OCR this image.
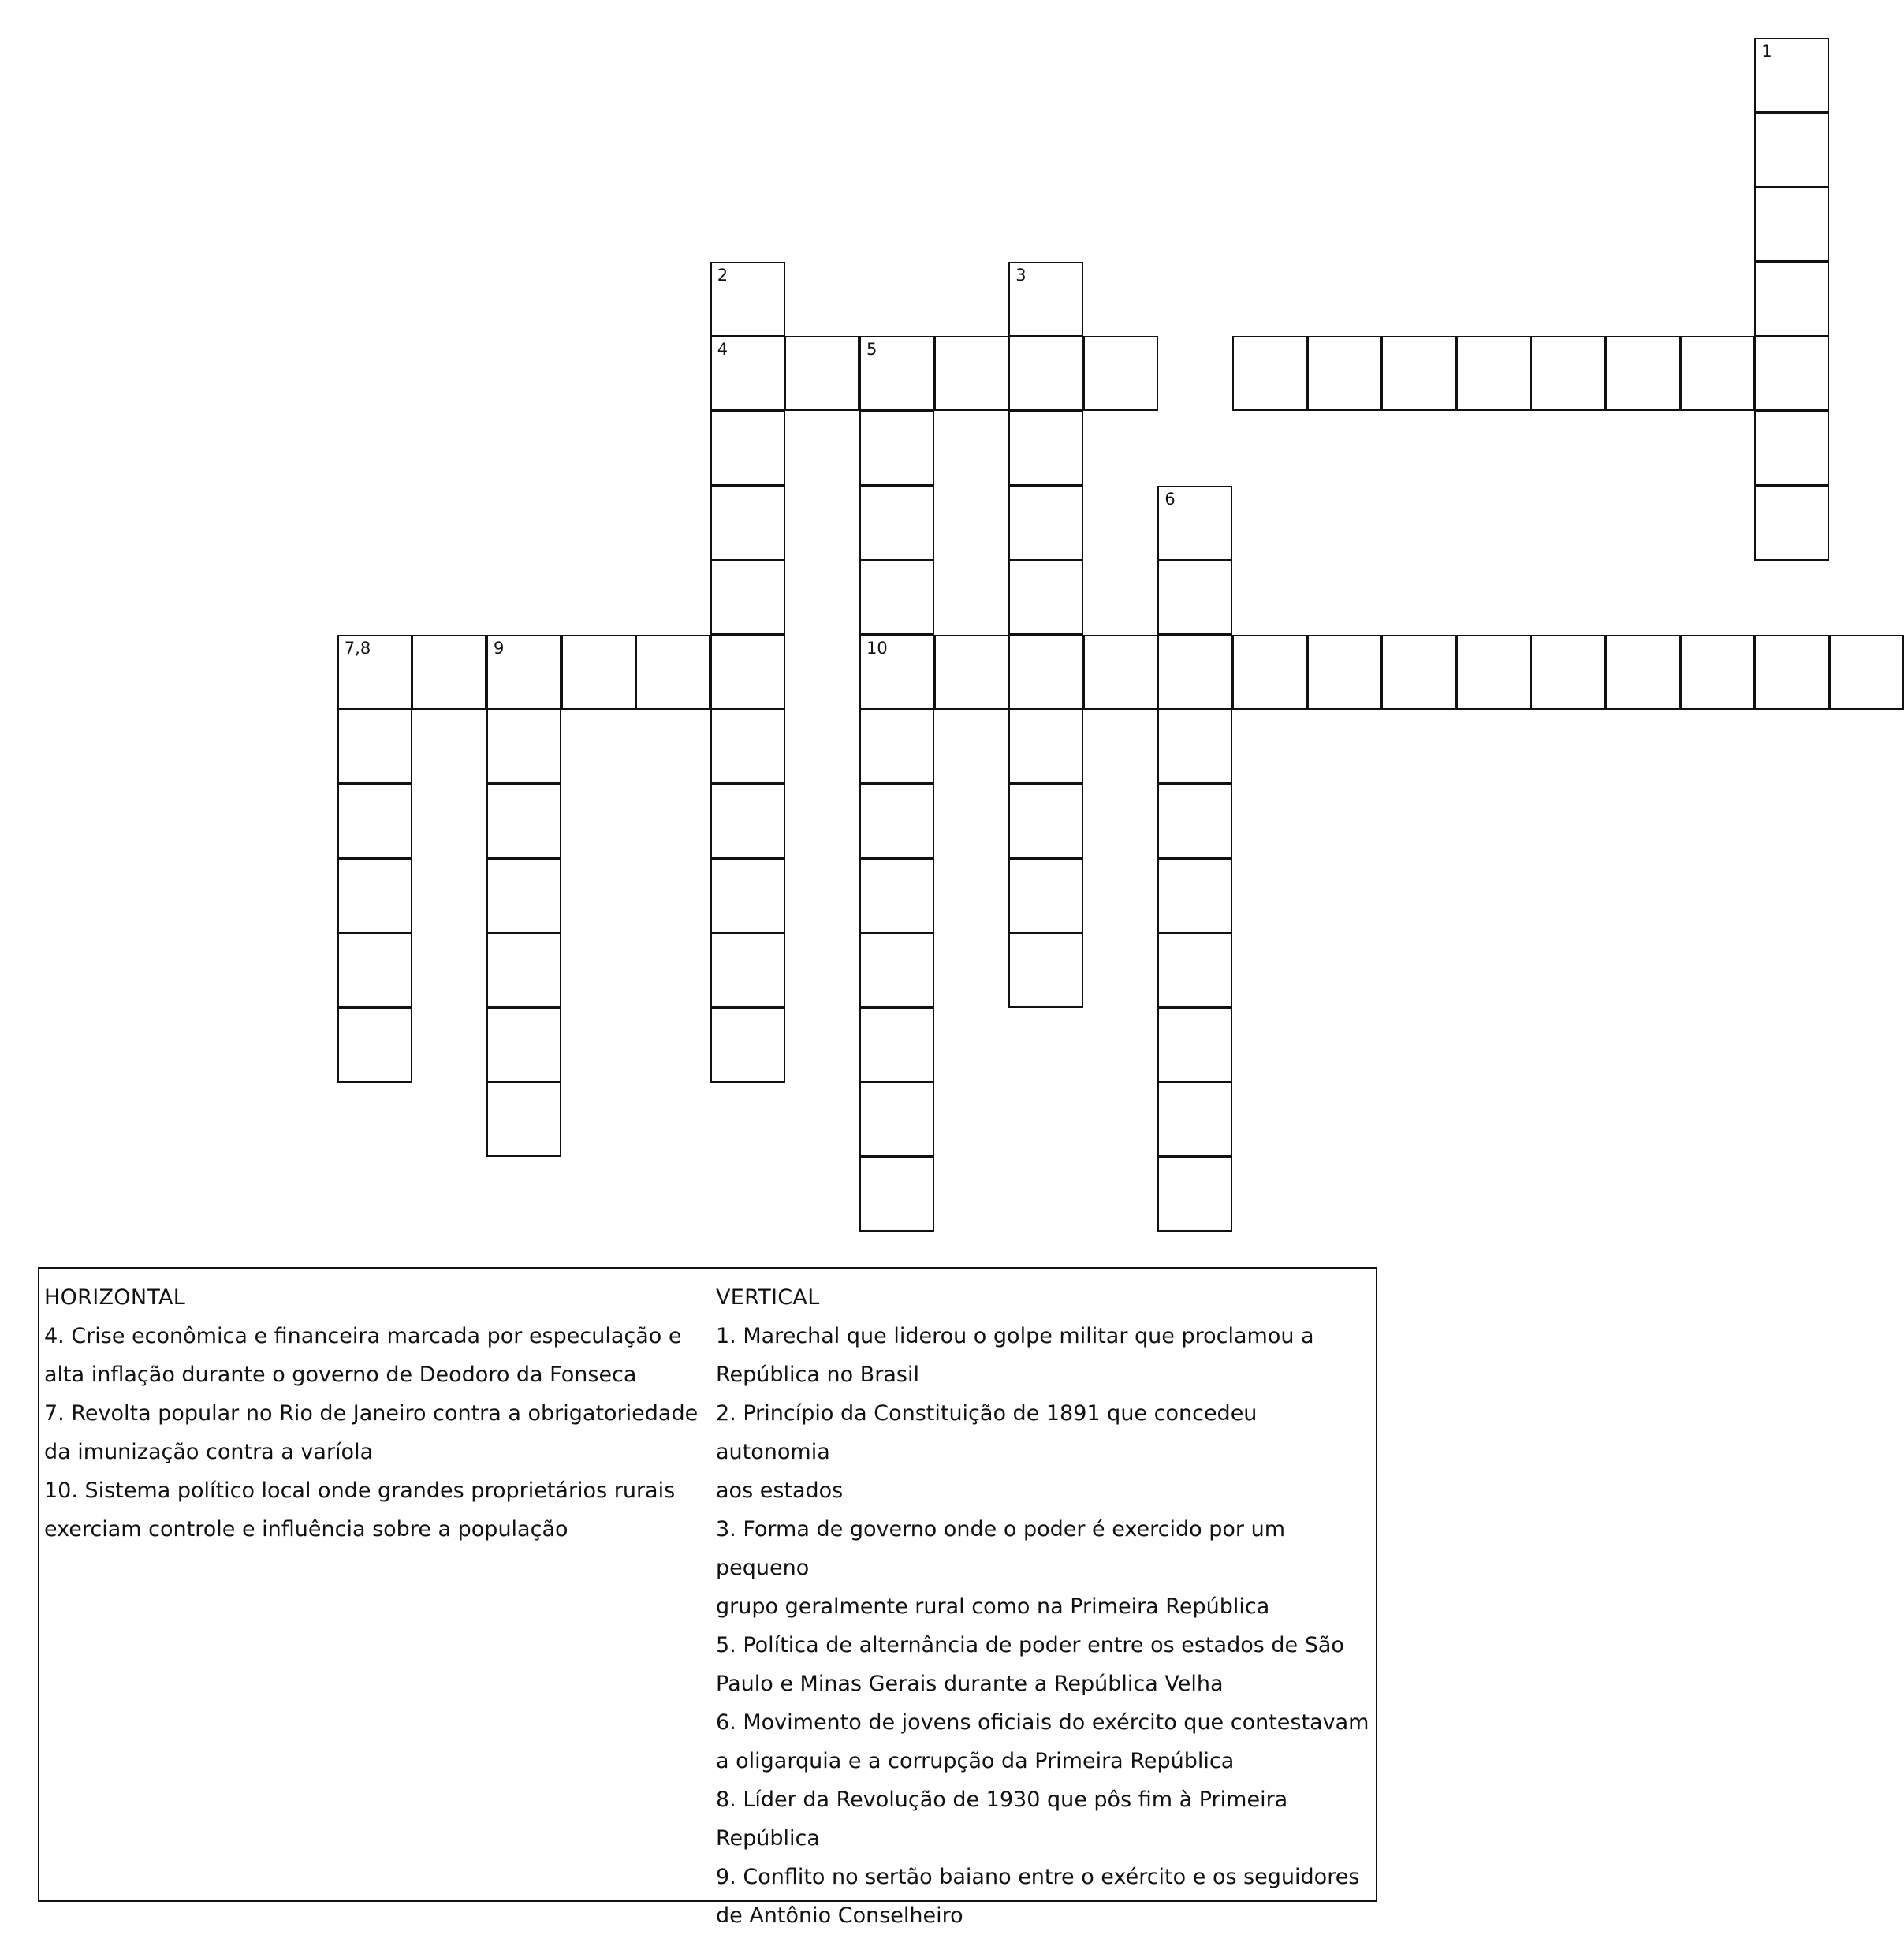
1
2
4
3
5
10
6
7,8	9

HORIZONTAL

4. Crise econômica e financeira marcada por especulação e

alta inflação durante o governo de Deodoro da Fonseca

7. Revolta popular no Rio de Janeiro contra a obrigatoriedade

da imunização contra a varíola

10. Sistema político local onde grandes proprietários rurais

exerciam controle e influência sobre a população

VERTICAL

1. Marechal que liderou o golpe militar que proclamou a

República no Brasil

2. Princípio da Constituição de 1891 que concedeu autonomia

aos estados

3. Forma de governo onde o poder é exercido por um pequeno

grupo geralmente rural como na Primeira República

5. Política de alternância de poder entre os estados de São

Paulo e Minas Gerais durante a República Velha

6. Movimento de jovens oficiais do exército que contestavam

a oligarquia e a corrupção da Primeira República

8. Líder da Revolução de 1930 que pôs fim à Primeira

República

9. Conflito no sertão baiano entre o exército e os seguidores

de Antônio Conselheiro
